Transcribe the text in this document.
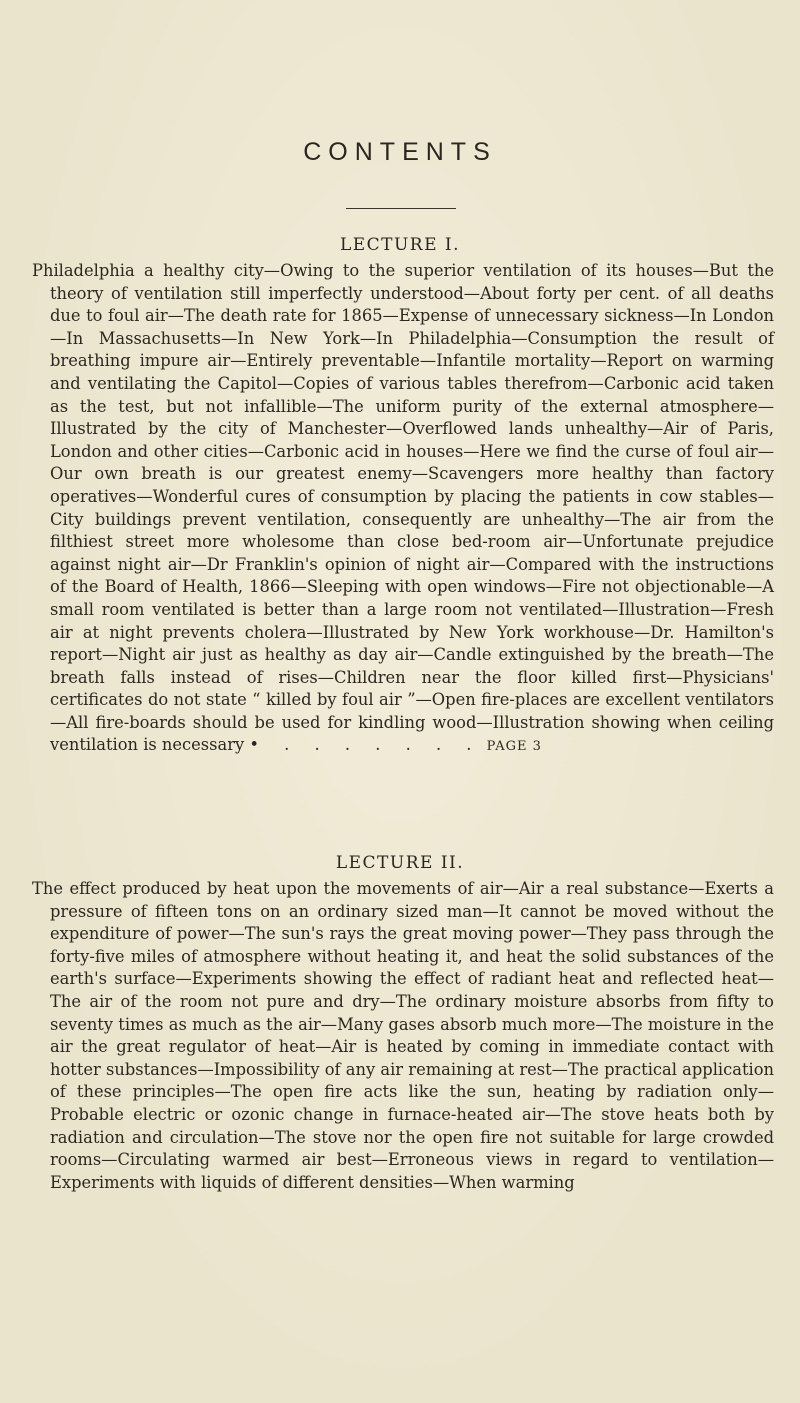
CONTENTS
LECTURE I.
Philadelphia a healthy city—Owing to the superior ventilation of its houses—But the theory of ventilation still imperfectly understood—About forty per cent. of all deaths due to foul air—The death rate for 1865—Expense of unnecessary sickness—In London—In Massachusetts—In New York—In Philadelphia—Consumption the result of breathing impure air—Entirely preventable—Infantile mortality—Report on warming and ventilating the Capitol—Copies of various tables therefrom—Carbonic acid taken as the test, but not infallible—The uniform purity of the external atmosphere—Illustrated by the city of Manchester—Overflowed lands unhealthy—Air of Paris, London and other cities—Carbonic acid in houses—Here we find the curse of foul air—Our own breath is our greatest enemy—Scavengers more healthy than factory operatives—Wonderful cures of consumption by placing the patients in cow stables—City buildings prevent ventilation, consequently are unhealthy—The air from the filthiest street more wholesome than close bed-room air—Unfortunate prejudice against night air—Dr Franklin's opinion of night air—Compared with the instructions of the Board of Health, 1866—Sleeping with open windows—Fire not objectionable—A small room ventilated is better than a large room not ventilated—Illustration—Fresh air at night prevents cholera—Illustrated by New York workhouse—Dr. Hamilton's report—Night air just as healthy as day air—Candle extinguished by the breath—The breath falls instead of rises—Children near the floor killed first—Physicians' certificates do not state “ killed by foul air ”—Open fire-places are excellent ventilators—All fire-boards should be used for kindling wood—Illustration showing when ceiling ventilation is necessary • . . . . . . . PAGE 3
LECTURE II.
The effect produced by heat upon the movements of air—Air a real substance—Exerts a pressure of fifteen tons on an ordinary sized man—It cannot be moved without the expenditure of power—The sun's rays the great moving power—They pass through the forty-five miles of atmosphere without heating it, and heat the solid substances of the earth's surface—Experiments showing the effect of radiant heat and reflected heat—The air of the room not pure and dry—The ordinary moisture absorbs from fifty to seventy times as much as the air—Many gases absorb much more—The moisture in the air the great regulator of heat—Air is heated by coming in immediate contact with hotter substances—Impossibility of any air remaining at rest—The practical application of these principles—The open fire acts like the sun, heating by radiation only—Probable electric or ozonic change in furnace-heated air—The stove heats both by radiation and circulation—The stove nor the open fire not suitable for large crowded rooms—Circulating warmed air best—Erroneous views in regard to ventilation—Experiments with liquids of different densities—When warming
